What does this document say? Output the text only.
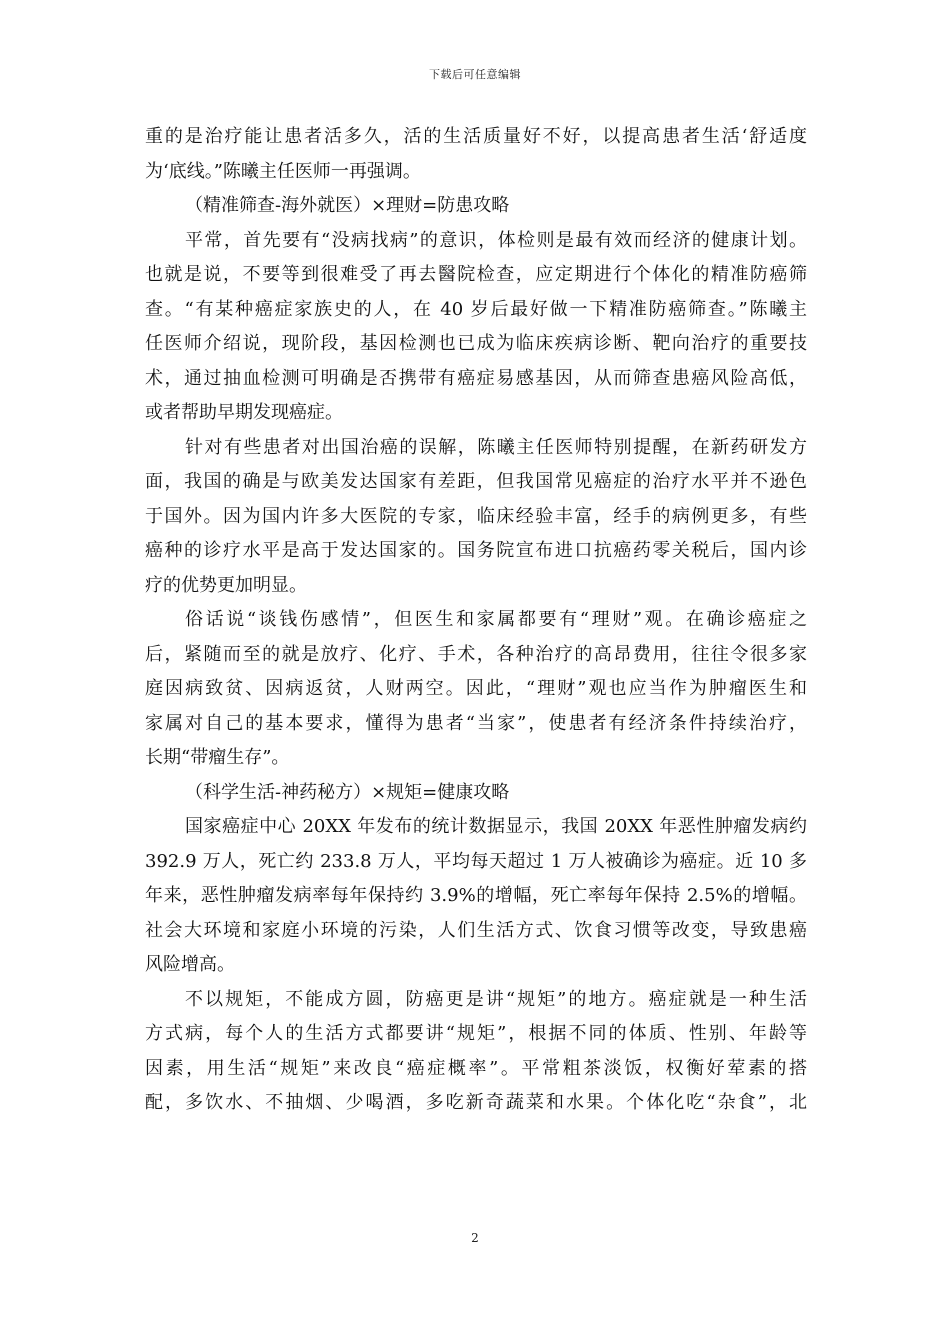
下载后可任意编辑
重的是治疗能让患者活多久，活的生活质量好不好，以提高患者生活‘舒适度
为‘底线。”陈曦主任医师一再强调。
（精准筛查-海外就医）×理财=防患攻略
平常，首先要有“没病找病”的意识，体检则是最有效而经济的健康计划。
也就是说，不要等到很难受了再去醫院检查，应定期进行个体化的精准防癌筛
查。“有某种癌症家族史的人，在 40 岁后最好做一下精准防癌筛查。”陈曦主
任医师介绍说，现阶段，基因检测也已成为临床疾病诊断、靶向治疗的重要技
术，通过抽血检测可明确是否携带有癌症易感基因，从而筛查患癌风险高低，
或者帮助早期发现癌症。
针对有些患者对出国治癌的误解，陈曦主任医师特别提醒，在新药研发方
面，我国的确是与欧美发达国家有差距，但我国常见癌症的治疗水平并不逊色
于国外。因为国内许多大医院的专家，临床经验丰富，经手的病例更多，有些
癌种的诊疗水平是高于发达国家的。国务院宣布进口抗癌药零关税后，国内诊
疗的优势更加明显。
俗话说“谈钱伤感情”，但医生和家属都要有“理财”观。在确诊癌症之
后，紧随而至的就是放疗、化疗、手术，各种治疗的高昂费用，往往令很多家
庭因病致贫、因病返贫，人财两空。因此，“理财”观也应当作为肿瘤医生和
家属对自己的基本要求，懂得为患者“当家”，使患者有经济条件持续治疗，
长期“带瘤生存”。
（科学生活-神药秘方）×规矩=健康攻略
国家癌症中心 20XX 年发布的统计数据显示，我国 20XX 年恶性肿瘤发病约
392.9 万人，死亡约 233.8 万人，平均每天超过 1 万人被确诊为癌症。近 10 多
年来，恶性肿瘤发病率每年保持约 3.9%的增幅，死亡率每年保持 2.5%的增幅。
社会大环境和家庭小环境的污染，人们生活方式、饮食习惯等改变，导致患癌
风险增高。
不以规矩，不能成方圆，防癌更是讲“规矩”的地方。癌症就是一种生活
方式病，每个人的生活方式都要讲“规矩”，根据不同的体质、性别、年龄等
因素，用生活“规矩”来改良“癌症概率”。平常粗茶淡饭，权衡好荤素的搭
配，多饮水、不抽烟、少喝酒，多吃新奇蔬菜和水果。个体化吃“杂食”，北
2
